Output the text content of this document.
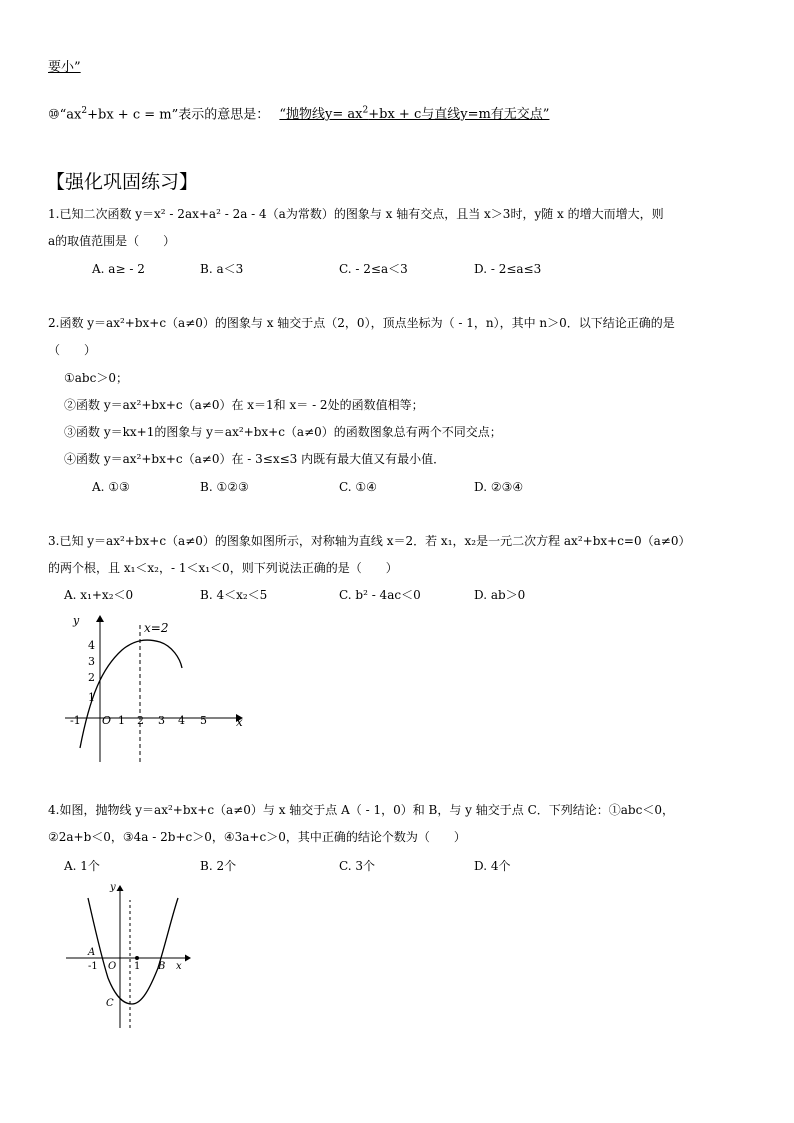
要小”
$⑩“ax^2+bx + c = m$”表示的意思是： “抛物线$y= ax^2+bx + c$与直线y=m有无交点”
【强化巩固练习】
1.已知二次函数 y＝x² - 2ax+a² - 2a - 4（a为常数）的图象与 x 轴有交点，且当 x＞3时，y随 x 的增大而增大，则
a的取值范围是（　　）
A. a≥ - 2	B. a＜3	C. - 2≤a＜3	D. - 2≤a≤3
2.函数 y＝ax²+bx+c（a≠0）的图象与 x 轴交于点（2，0），顶点坐标为（ - 1，n），其中 n＞0．以下结论正确的是
（　　）
①abc＞0；
②函数 y＝ax²+bx+c（a≠0）在 x＝1和 x＝ - 2处的函数值相等；
③函数 y＝kx+1的图象与 y＝ax²+bx+c（a≠0）的函数图象总有两个不同交点；
④函数 y＝ax²+bx+c（a≠0）在 - 3≤x≤3 内既有最大值又有最小值．
A. ①③	B. ①②③	C. ①④	D. ②③④
3.已知 y＝ax²+bx+c（a≠0）的图象如图所示，对称轴为直线 x＝2．若 x₁，x₂是一元二次方程 ax²+bx+c=0（a≠0）
的两个根，且 x₁＜x₂，- 1＜x₁＜0，则下列说法正确的是（　　）
A. x₁+x₂＜0	B. 4＜x₂＜5	C. b² - 4ac＜0	D. ab＞0
x=2
x
y
O
-1	1 2 3 4 5
1
2
3
4
4.如图，抛物线 y＝ax²+bx+c（a≠0）与 x 轴交于点 A（ - 1，0）和 B，与 y 轴交于点 C．下列结论：①abc＜0，
②2a+b＜0，③4a - 2b+c＞0，④3a+c＞0，其中正确的结论个数为（　　）
A. 1个	B. 2个	C. 3个	D. 4个
x
y
O
A
-1	1 B
C
